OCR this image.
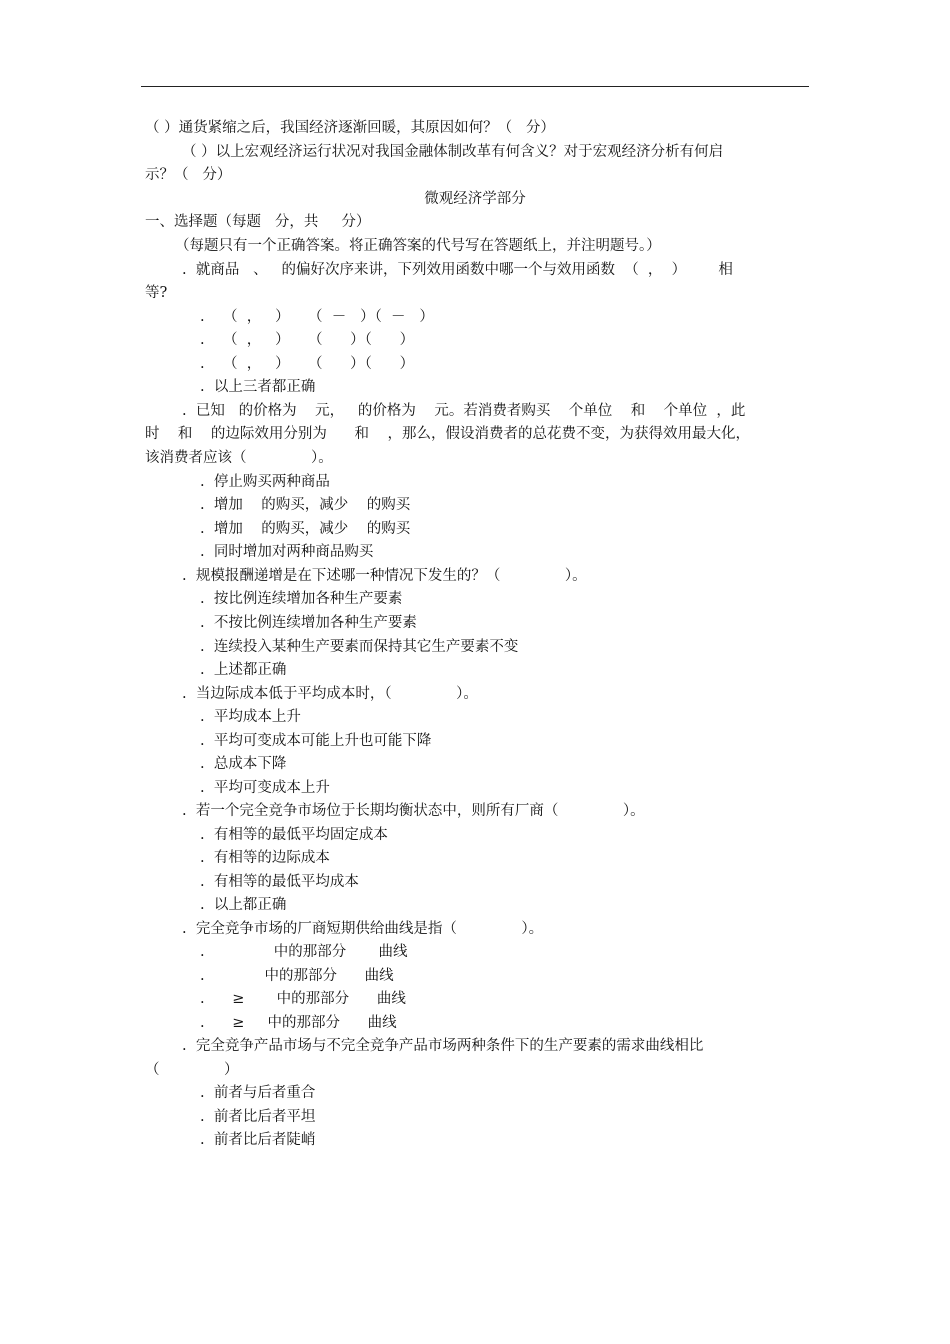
（ ）通货紧缩之后，我国经济逐渐回暖，其原因如何？（   分）
（ ）以上宏观经济运行状况对我国金融体制改革有何含义？对于宏观经济分析有何启
示？（   分）
微观经济学部分
一、选择题（每题   分，共     分）
（每题只有一个正确答案。将正确答案的代号写在答题纸上，并注明题号。）
.  就商品   、   的偏好次序来讲，下列效用函数中哪一个与效用函数  （  ，  ）       相
等?
.    （  ，   ）    （  －   ）（  －   ）
.    （  ，   ）    （      ）（      ）
.    （  ，   ）    （      ）（      ）
.  以上三者都正确
.  已知   的价格为    元，   的价格为    元。若消费者购买    个单位    和    个单位  ，此
时    和    的边际效用分别为      和    ，那么，假设消费者的总花费不变，为获得效用最大化，
该消费者应该（              ）。
.  停止购买两种商品
.  增加    的购买，减少    的购买
.  增加    的购买，减少    的购买
.  同时增加对两种商品购买
.  规模报酬递增是在下述哪一种情况下发生的？（              ）。
.  按比例连续增加各种生产要素
.  不按比例连续增加各种生产要素
.  连续投入某种生产要素而保持其它生产要素不变
.  上述都正确
.  当边际成本低于平均成本时，（              ）。
.  平均成本上升
.  平均可变成本可能上升也可能下降
.  总成本下降
.  平均可变成本上升
.  若一个完全竞争市场位于长期均衡状态中，则所有厂商（              ）。
.  有相等的最低平均固定成本
.  有相等的边际成本
.  有相等的最低平均成本
.  以上都正确
.  完全竞争市场的厂商短期供给曲线是指（              ）。
.               中的那部分       曲线
.             中的那部分      曲线
.      ≥       中的那部分      曲线
.      ≥     中的那部分      曲线
.  完全竞争产品市场与不完全竞争产品市场两种条件下的生产要素的需求曲线相比
（              ）
.  前者与后者重合
.  前者比后者平坦
.  前者比后者陡峭
